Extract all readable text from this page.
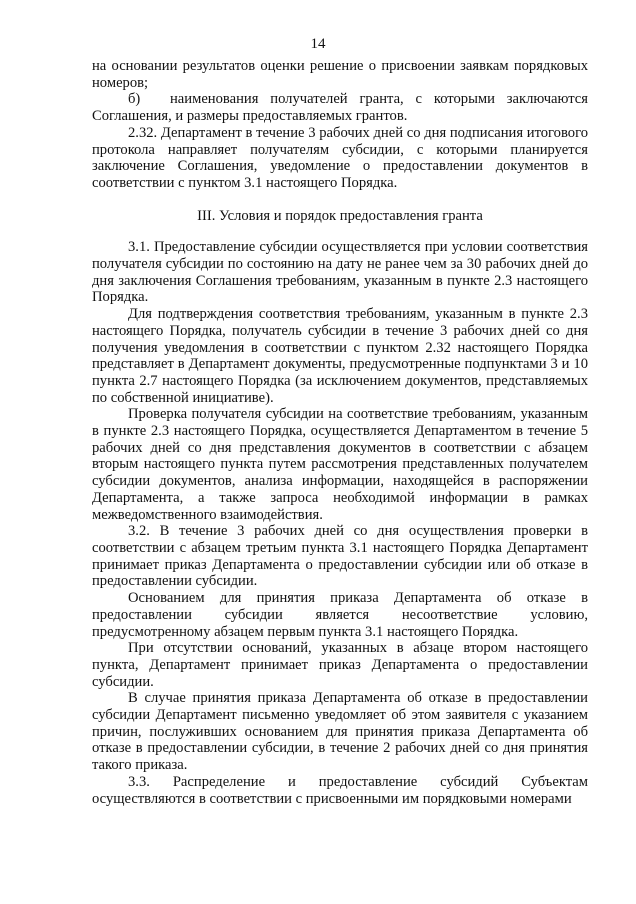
14

на основании результатов оценки решение о присвоении заявкам порядковых номеров;

б) наименования получателей гранта, с которыми заключаются Соглашения, и размеры предоставляемых грантов.

2.32. Департамент в течение 3 рабочих дней со дня подписания итогового протокола направляет получателям субсидии, с которыми планируется заключение Соглашения, уведомление о предоставлении документов в соответствии с пунктом 3.1 настоящего Порядка.

III. Условия и порядок предоставления гранта

3.1. Предоставление субсидии осуществляется при условии соответствия получателя субсидии по состоянию на дату не ранее чем за 30 рабочих дней до дня заключения Соглашения требованиям, указанным в пункте 2.3 настоящего Порядка.

Для подтверждения соответствия требованиям, указанным в пункте 2.3 настоящего Порядка, получатель субсидии в течение 3 рабочих дней со дня получения уведомления в соответствии с пунктом 2.32 настоящего Порядка представляет в Департамент документы, предусмотренные подпунктами 3 и 10 пункта 2.7 настоящего Порядка (за исключением документов, представляемых по собственной инициативе).

Проверка получателя субсидии на соответствие требованиям, указанным в пункте 2.3 настоящего Порядка, осуществляется Департаментом в течение 5 рабочих дней со дня представления документов в соответствии с абзацем вторым настоящего пункта путем рассмотрения представленных получателем субсидии документов, анализа информации, находящейся в распоряжении Департамента, а также запроса необходимой информации в рамках межведомственного взаимодействия.

3.2. В течение 3 рабочих дней со дня осуществления проверки в соответствии с абзацем третьим пункта 3.1 настоящего Порядка Департамент принимает приказ Департамента о предоставлении субсидии или об отказе в предоставлении субсидии.

Основанием для принятия приказа Департамента об отказе в предоставлении субсидии является несоответствие условию, предусмотренному абзацем первым пункта 3.1 настоящего Порядка.

При отсутствии оснований, указанных в абзаце втором настоящего пункта, Департамент принимает приказ Департамента о предоставлении субсидии.

В случае принятия приказа Департамента об отказе в предоставлении субсидии Департамент письменно уведомляет об этом заявителя с указанием причин, послуживших основанием для принятия приказа Департамента об отказе в предоставлении субсидии, в течение 2 рабочих дней со дня принятия такого приказа.

3.3. Распределение и предоставление субсидий Субъектам осуществляются в соответствии с присвоенными им порядковыми номерами
